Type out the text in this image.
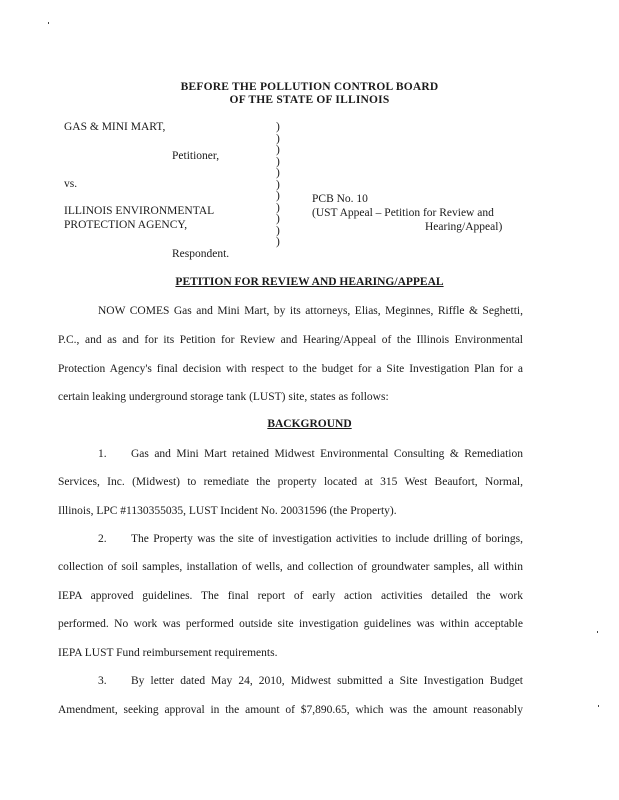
BEFORE THE POLLUTION CONTROL BOARD
OF THE STATE OF ILLINOIS
GAS & MINI MART,
Petitioner,
vs.
ILLINOIS ENVIRONMENTAL
PROTECTION AGENCY,
Respondent.
)
)
)
)
)
)
)
)
)
)
)
PCB No. 10
(UST Appeal – Petition for Review and
Hearing/Appeal)
PETITION FOR REVIEW AND HEARING/APPEAL
NOW COMES Gas and Mini Mart, by its attorneys, Elias, Meginnes, Riffle & Seghetti,
P.C., and as and for its Petition for Review and Hearing/Appeal of the Illinois Environmental
Protection Agency's final decision with respect to the budget for a Site Investigation Plan for a
certain leaking underground storage tank (LUST) site, states as follows:
BACKGROUND
1. Gas and Mini Mart retained Midwest Environmental Consulting & Remediation
Services, Inc. (Midwest) to remediate the property located at 315 West Beaufort, Normal,
Illinois, LPC #1130355035, LUST Incident No. 20031596 (the Property).
2. The Property was the site of investigation activities to include drilling of borings,
collection of soil samples, installation of wells, and collection of groundwater samples, all within
IEPA approved guidelines. The final report of early action activities detailed the work
performed. No work was performed outside site investigation guidelines was within acceptable
IEPA LUST Fund reimbursement requirements.
3. By letter dated May 24, 2010, Midwest submitted a Site Investigation Budget
Amendment, seeking approval in the amount of $7,890.65, which was the amount reasonably
